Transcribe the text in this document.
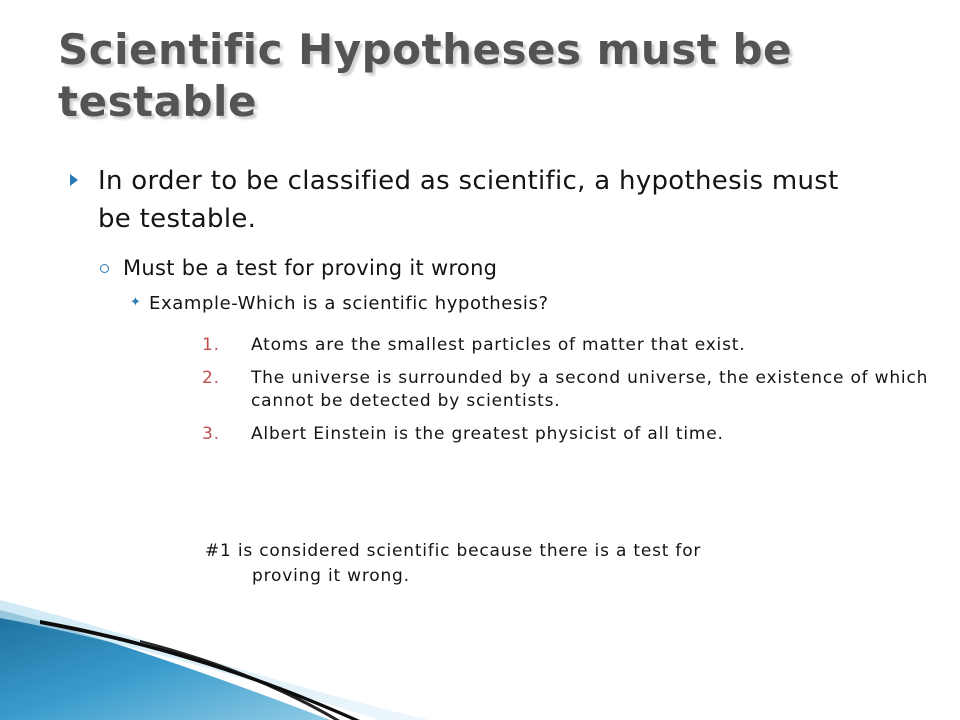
Scientific Hypotheses must be testable
In order to be classified as scientific, a hypothesis must be testable.
Must be a test for proving it wrong
✦ Example-Which is a scientific hypothesis?
1. Atoms are the smallest particles of matter that exist.
2. The universe is surrounded by a second universe, the existence of which cannot be detected by scientists.
3. Albert Einstein is the greatest physicist of all time.
#1 is considered scientific because there is a test for
proving it wrong.
